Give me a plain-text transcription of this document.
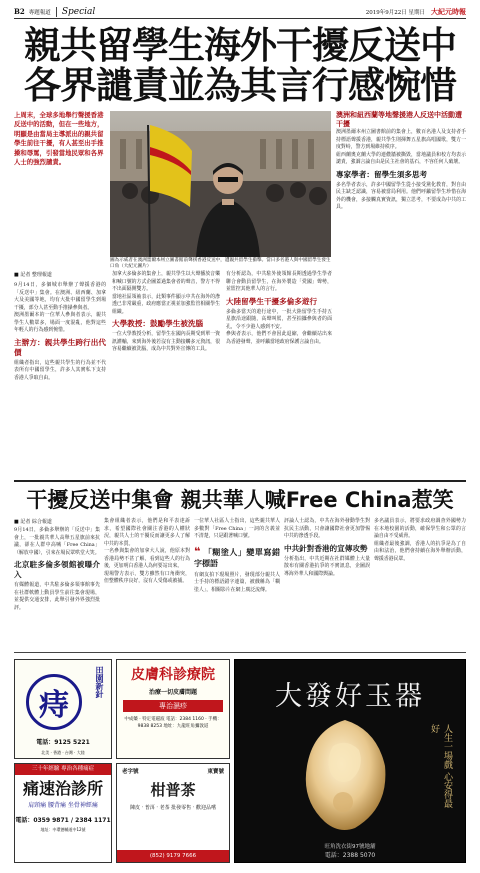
B2 專題報道	Special	2019年9月22日 星期日 大紀元時報
親共留學生海外干擾反送中
各界譴責並為其言行感惋惜
上周末，全球多地舉行聲援香港反送中的活動，但在一些地方，明顯是由當局主導派出的親共留學生前往干擾，有人甚至出手推搡和辱罵，引發當地民眾和各界人士的強烈譴責。
圖為示威者在澳洲墨爾本州立圖書館前聲援香港反送中，遭親共留學生衝擊。當日多名港人與中國留學生發生口角（大紀元圖片）
澳洲和紐西蘭等地聲援港人反送中活動遭干擾
澳洲墨爾本州立圖書館前的集會上，數百名港人及支持者手持標語聲援香港，親共學生則揮舞五星旗高唱國歌，雙方一度對峙，警方到場維持秩序。
紐西蘭奧克蘭大學的連儂牆被撕毀，當地議員和校方均表示譴責，強調言論自由是民主社會的基石，不容任何人破壞。
專家學者：留學生須多思考
多名學者表示，許多中國留學生從小接受黨化教育，對自由民主缺乏認識，容易被當局利用。他們呼籲留學生珍惜在海外的機會，多接觸真實資訊，獨立思考，不要成為中共的工具。
■ 記者 整理報道
9月14日，多個城市舉辦了聲援香港的「反送中」集會。在澳洲、紐西蘭、加拿大及美國等地，均有大批中國留學生到場干擾，部分人甚至動手推搡參與者。
澳洲墨爾本的一位華人參與者表示，親共學生人數眾多，場面一度混亂，他對這些年輕人的行為感到惋惜。
主辦方：親共學生跨行出代價
組織者指出，這些親共學生的行為並不代表所有中國留學生，許多人其實私下支持香港人爭取自由。
加拿大多倫多的集會上，親共學生以大聲播放音樂和喊口號的方式企圖蓋過集會者的聲音，警方不得不出面隔開雙方。
當地社區領袖表示，此類事件顯示中共在海外的滲透已非常嚴重，政府應當正視並加強監管相關學生組織。
大學教授：鼓勵學生被洗腦
一位大學教授分析，留學生在國內長期受到單一資訊灌輸，來到海外後若沒有主動接觸多元資訊，很容易繼續被洗腦，成為中共對外宣傳的工具。
有分析認為，中共駐外使領館長期透過學生學者聯合會動員留學生，在海外製造「愛國」聲勢，並監控其他華人的言行。
大陸留學生干擾多倫多遊行
多倫多當天的遊行途中，一批大陸留學生手持五星旗沿途跟隨，高聲叫罵，甚至拍攝參與者的面孔，令不少港人感到不安。
參與者表示，他們不會因此退縮，會繼續站出來為香港發聲，並呼籲當地政府保護言論自由。
干擾反送中集會 親共華人喊Free China惹笑
■ 記者 綜合報道
9月14日，多倫多舉辦的「反送中」集會上，一批親共華人高舉五星旗前來抗議，卻在人群中高喊「Free China」（解放中國），引來在場民眾哄堂大笑。
北京駐多倫多領館被曝介入
有媒體報道，中共駐多倫多領事館事先在社群軟體上動員學生前往集會現場，並提供交通安排，此舉引發外界強烈批評。
集會組織者表示，他們是和平表達訴求，希望國際社會關注香港的人權狀況，親共人士的干擾反而讓更多人了解中共的本質。
一名參與集會的加拿大人說，他原本對香港局勢不甚了解，看到這些人的行為後，更加明白香港人為何要站出來。
現場警方表示，雙方雖然有口角衝突，但整體秩序良好，沒有人受傷或被捕。
一位華人社區人士指出，這些親共華人多數對「Free China」一詞的含義並不清楚，只是跟著喊口號。
❝ 「糊塗人」變單寫錯字標語
有網友拍下現場照片，發現部分親共人士手持的標語錯字連篇，被戲稱為「糊塗人」，相關影片在網上廣泛流傳。
評論人士認為，中共在海外發動學生對抗民主活動，只會讓國際社會更加警惕中共的滲透手段。
中共針對香港的宣傳攻勢
分析指出，中共近期在社群媒體上大量散布有關香港抗爭的不實訊息，企圖誤導海外華人和國際輿論。
多名議員表示，將要求政府調查外國勢力在本地校園的活動，確保學生和公眾的言論自由不受威脅。
組織者最後強調，香港人的抗爭是為了自由和法治，他們會持續在海外舉辦活動，聲援香港民眾。
痔
田園新針
電話：9125 5221
北美 ‧ 香港 ‧ 台灣 ‧ 大陸
三十年經驗 專治各種痛症
痛速治診所
肩頸痛 腰背痛 坐骨神經痛
電話：0359 9871 / 2384 1171
地址：中環德輔道中12號
皮膚科診療院
治療一切皮膚問題
專治濕疹
中成藥 ‧ 特定電磁波 電話：2384 1160 ‧ 手機：9838 8253 地址：九龍旺角彌敦道
老字號	東寶號
柑普茶
陳皮 ‧ 普洱 ‧ 老茶 批發零售 ‧ 歡迎品嚐
(852) 9179 7666
大發好玉器
人生一場戲 心安得最好
旺角洗衣街97號地舖
電話：2388 5070
